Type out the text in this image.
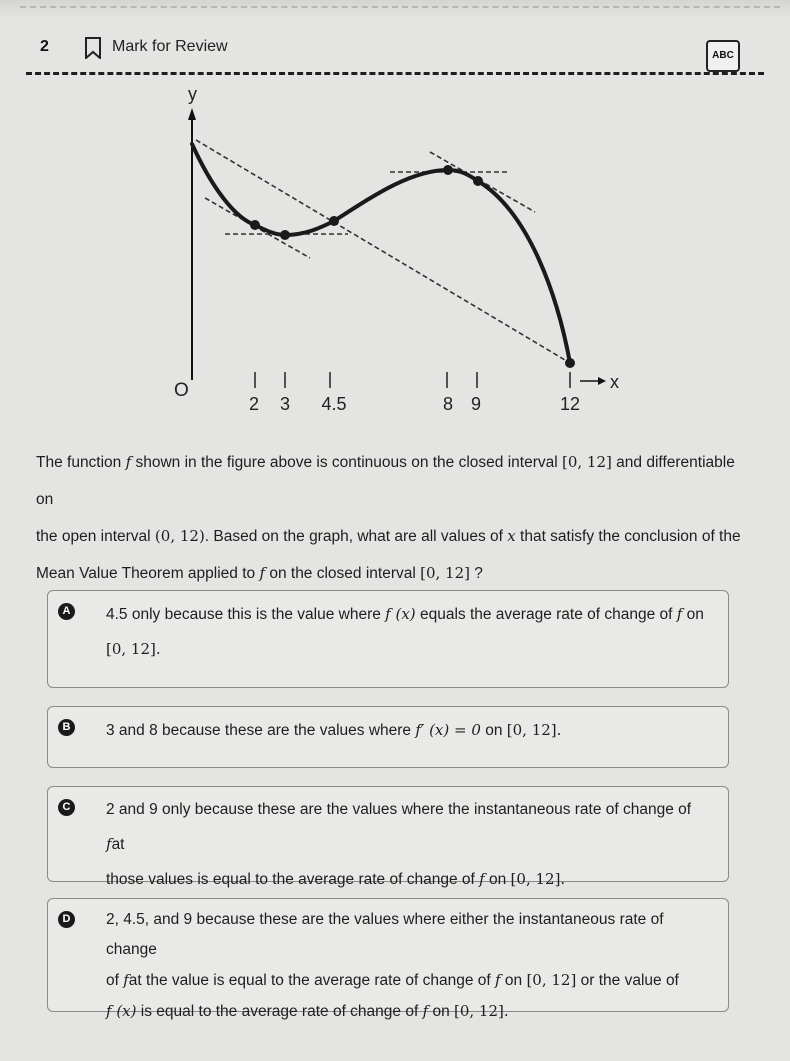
2	Mark for Review
ABC
y
x
O
2 3 4.5	8 9	12
The function f shown in the figure above is continuous on the closed interval [0, 12] and differentiable on
the open interval (0, 12). Based on the graph, what are all values of x that satisfy the conclusion of the
Mean Value Theorem applied to f on the closed interval [0, 12] ?
A 4.5 only because this is the value where f (x) equals the average rate of change of f on
[0, 12].
B 3 and 8 because these are the values where f′ (x) = 0 on [0, 12].
C 2 and 9 only because these are the values where the instantaneous rate of change of fat
those values is equal to the average rate of change of f on [0, 12].
D 2, 4.5, and 9 because these are the values where either the instantaneous rate of change
of fat the value is equal to the average rate of change of f on [0, 12] or the value of
f (x) is equal to the average rate of change of f on [0, 12].
